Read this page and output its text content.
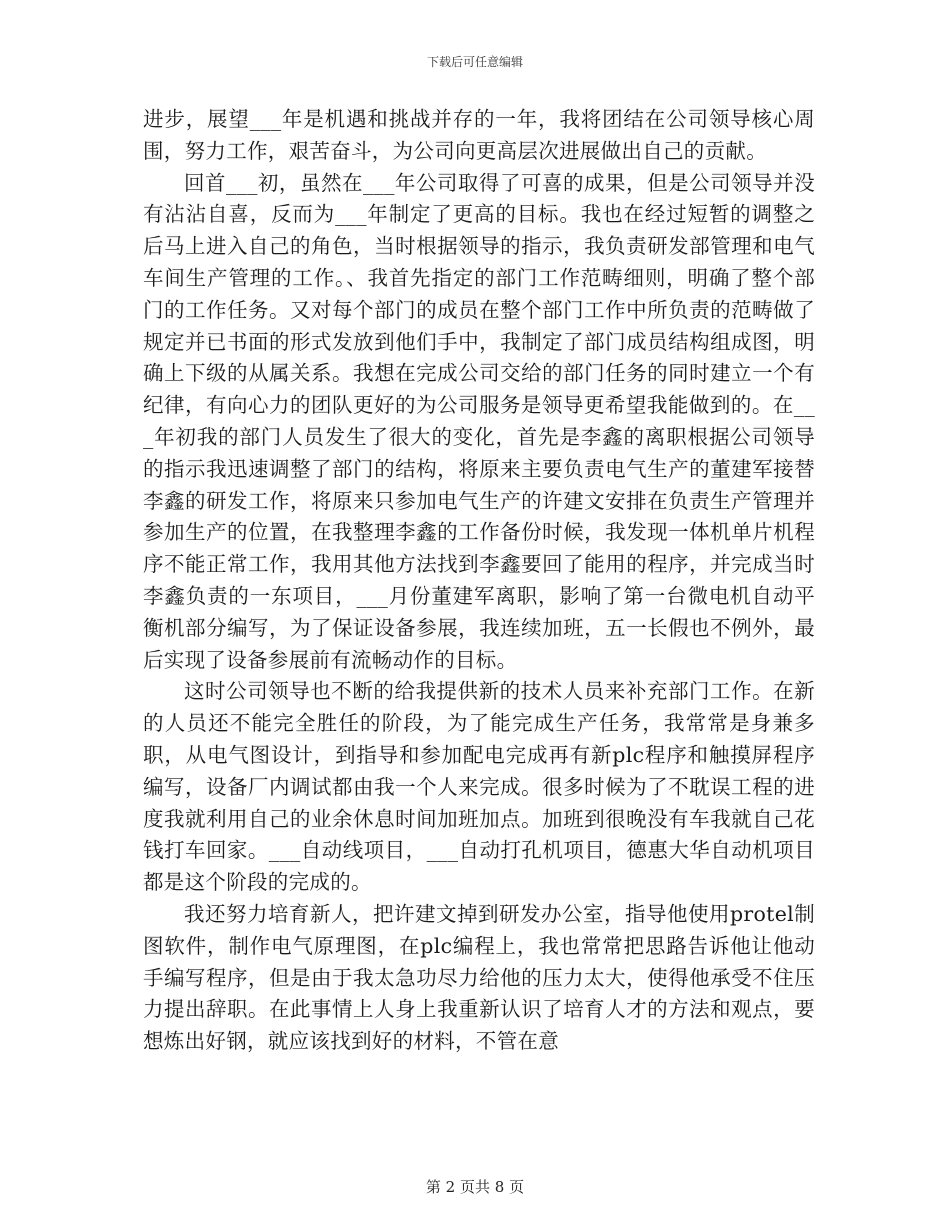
下载后可任意编辑

进步，展望___年是机遇和挑战并存的一年，我将团结在公司领导核心周围，努力工作，艰苦奋斗，为公司向更高层次进展做出自己的贡献。

回首___初，虽然在___年公司取得了可喜的成果，但是公司领导并没有沾沾自喜，反而为___年制定了更高的目标。我也在经过短暂的调整之后马上进入自己的角色，当时根据领导的指示，我负责研发部管理和电气车间生产管理的工作。、我首先指定的部门工作范畴细则，明确了整个部门的工作任务。又对每个部门的成员在整个部门工作中所负责的范畴做了规定并已书面的形式发放到他们手中，我制定了部门成员结构组成图，明确上下级的从属关系。我想在完成公司交给的部门任务的同时建立一个有纪律，有向心力的团队更好的为公司服务是领导更希望我能做到的。在___年初我的部门人员发生了很大的变化，首先是李鑫的离职根据公司领导的指示我迅速调整了部门的结构，将原来主要负责电气生产的董建军接替李鑫的研发工作，将原来只参加电气生产的许建文安排在负责生产管理并参加生产的位置，在我整理李鑫的工作备份时候，我发现一体机单片机程序不能正常工作，我用其他方法找到李鑫要回了能用的程序，并完成当时李鑫负责的一东项目，___月份董建军离职，影响了第一台微电机自动平衡机部分编写，为了保证设备参展，我连续加班，五一长假也不例外，最后实现了设备参展前有流畅动作的目标。

这时公司领导也不断的给我提供新的技术人员来补充部门工作。在新的人员还不能完全胜任的阶段，为了能完成生产任务，我常常是身兼多职，从电气图设计，到指导和参加配电完成再有新plc程序和触摸屏程序编写，设备厂内调试都由我一个人来完成。很多时候为了不耽误工程的进度我就利用自己的业余休息时间加班加点。加班到很晚没有车我就自己花钱打车回家。___自动线项目，___自动打孔机项目，德惠大华自动机项目都是这个阶段的完成的。

我还努力培育新人，把许建文掉到研发办公室，指导他使用protel制图软件，制作电气原理图，在plc编程上，我也常常把思路告诉他让他动手编写程序，但是由于我太急功尽力给他的压力太大，使得他承受不住压力提出辞职。在此事情上人身上我重新认识了培育人才的方法和观点，要想炼出好钢，就应该找到好的材料，不管在意

第 2 页共 8 页
